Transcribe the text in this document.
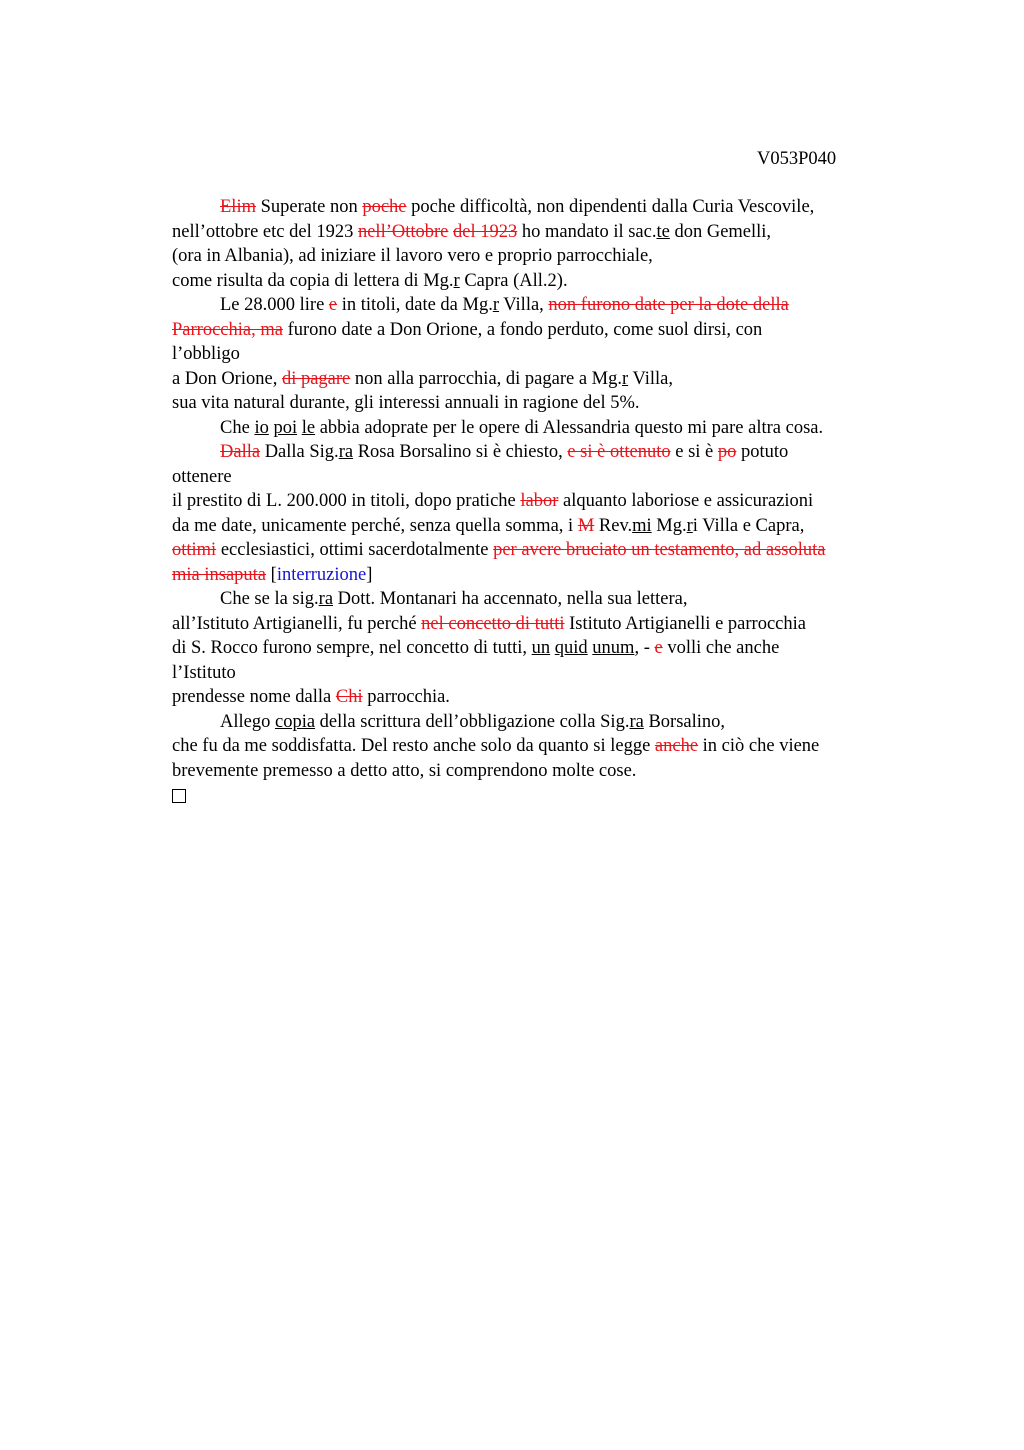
V053P040
Elim Superate non poche poche difficoltà, non dipendenti dalla Curia Vescovile,
nell’ottobre etc del 1923 nell’Ottobre del 1923 ho mandato il sac.te don Gemelli,
(ora in Albania), ad iniziare il lavoro vero e proprio parrocchiale,
come risulta da copia di lettera di Mg.r Capra (All.2).
Le 28.000 lire e in titoli, date da Mg.r Villa, non furono date per la dote della
Parrocchia, ma furono date a Don Orione, a fondo perduto, come suol dirsi, con
l’obbligo
a Don Orione, di pagare non alla parrocchia, di pagare a Mg.r Villa,
sua vita natural durante, gli interessi annuali in ragione del 5%.
Che io poi le abbia adoprate per le opere di Alessandria questo mi pare altra cosa.
Dalla Dalla Sig.ra Rosa Borsalino si è chiesto, e si è ottenuto e si è po potuto
ottenere
il prestito di L. 200.000 in titoli, dopo pratiche labor alquanto laboriose e assicurazioni
da me date, unicamente perché, senza quella somma, i M Rev.mi Mg.ri Villa e Capra,
ottimi ecclesiastici, ottimi sacerdotalmente per avere bruciato un testamento, ad assoluta
mia insaputa [interruzione]
Che se la sig.ra Dott. Montanari ha accennato, nella sua lettera,
all’Istituto Artigianelli, fu perché nel concetto di tutti Istituto Artigianelli e parrocchia
di S. Rocco furono sempre, nel concetto di tutti, un quid unum, - e volli che anche
l’Istituto
prendesse nome dalla Chi parrocchia.
Allego copia della scrittura dell’obbligazione colla Sig.ra Borsalino,
che fu da me soddisfatta. Del resto anche solo da quanto si legge anche in ciò che viene
brevemente premesso a detto atto, si comprendono molte cose.
